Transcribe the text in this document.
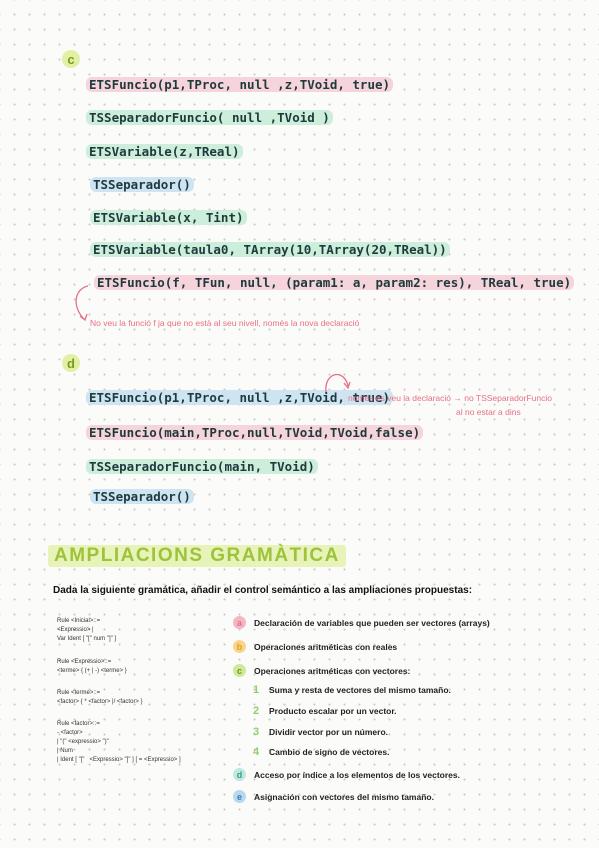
c
ETSFuncio(p1,TProc, null ,z,TVoid, true)
TSSeparadorFuncio( null ,TVoid )
ETSVariable(z,TReal)
TSSeparador()
ETSVariable(x, Tint)
ETSVariable(taula0, TArray(10,TArray(20,TReal))
ETSFuncio(f, TFun, null, (param1: a, param2: res), TReal, true)
No veu la funció f ja que no està al seu nivell, només la nova declaració
d
ETSFuncio(p1,TProc, null ,z,TVoid, true)
ETSFuncio(main,TProc,null,TVoid,TVoid,false)
TSSeparadorFuncio(main, TVoid)
TSSeparador()
només es veu la declaració → no TSSeparadorFuncio
al no estar a dins
AMPLIACIONS GRAMÀTICA
Dada la siguiente gramática, añadir el control semántico a las ampliaciones propuestas:
Rule <Inicial>::=
<Expressio> |
Var Ident [ "[" num "]" ]
Rule <Expressio>::=
<terme> { (+ | -) <terme> }
Rule <terme>::=
<factor> { * <factor> |/ <factor> }
Rule <factor>::=
- <factor>
| "(" <expressio> ")"
| Num
| Ident [ "["   <Expressio> "]" ] [ = <Expressio> ]
a	Declaración de variables que pueden ser vectores (arrays)
b	Operaciones aritméticas con reales
c	Operaciones aritméticas con vectores:
1	Suma y resta de vectores del mismo tamaño.
2	Producto escalar por un vector.
3	Dividir vector por un número.
4	Cambio de signo de vectores.
d	Acceso por índice a los elementos de los vectores.
e	Asignación con vectores del mismo tamaño.
